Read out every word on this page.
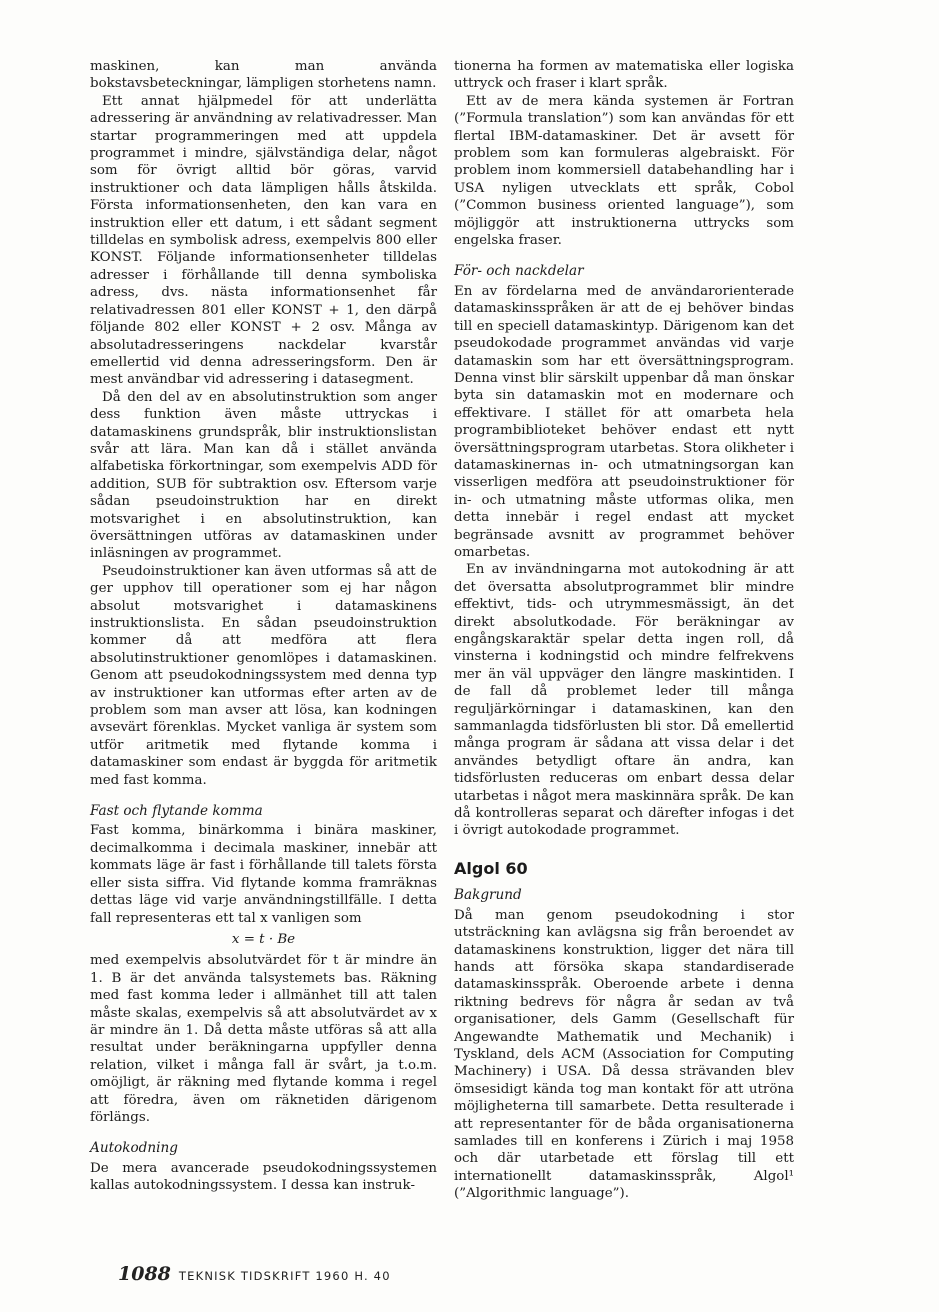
maskinen, kan man använda bokstavsbeteckningar, lämpligen storhetens namn.

Ett annat hjälpmedel för att underlätta adressering är användning av relativadresser. Man startar programmeringen med att uppdela programmet i mindre, självständiga delar, något som för övrigt alltid bör göras, varvid instruktioner och data lämpligen hålls åtskilda. Första informationsenheten, den kan vara en instruktion eller ett datum, i ett sådant segment tilldelas en symbolisk adress, exempelvis 800 eller KONST. Följande informationsenheter tilldelas adresser i förhållande till denna symboliska adress, dvs. nästa informationsenhet får relativadressen 801 eller KONST + 1, den därpå följande 802 eller KONST + 2 osv. Många av absolutadresseringens nackdelar kvarstår emellertid vid denna adresseringsform. Den är mest användbar vid adressering i datasegment.

Då den del av en absolutinstruktion som anger dess funktion även måste uttryckas i datamaskinens grundspråk, blir instruktionslistan svår att lära. Man kan då i stället använda alfabetiska förkortningar, som exempelvis ADD för addition, SUB för subtraktion osv. Eftersom varje sådan pseudoinstruktion har en direkt motsvarighet i en absolutinstruktion, kan översättningen utföras av datamaskinen under inläsningen av programmet.

Pseudoinstruktioner kan även utformas så att de ger upphov till operationer som ej har någon absolut motsvarighet i datamaskinens instruktionslista. En sådan pseudoinstruktion kommer då att medföra att flera absolutinstruktioner genomlöpes i datamaskinen. Genom att pseudokodningssystem med denna typ av instruktioner kan utformas efter arten av de problem som man avser att lösa, kan kodningen avsevärt förenklas. Mycket vanliga är system som utför aritmetik med flytande komma i datamaskiner som endast är byggda för aritmetik med fast komma.

Fast och flytande komma

Fast komma, binärkomma i binära maskiner, decimalkomma i decimala maskiner, innebär att kommats läge är fast i förhållande till talets första eller sista siffra. Vid flytande komma framräknas dettas läge vid varje användningstillfälle. I detta fall representeras ett tal x vanligen som

x = t · Be

med exempelvis absolutvärdet för t är mindre än 1. B är det använda talsystemets bas. Räkning med fast komma leder i allmänhet till att talen måste skalas, exempelvis så att absolutvärdet av x är mindre än 1. Då detta måste utföras så att alla resultat under beräkningarna uppfyller denna relation, vilket i många fall är svårt, ja t.o.m. omöjligt, är räkning med flytande komma i regel att föredra, även om räknetiden därigenom förlängs.

Autokodning

De mera avancerade pseudokodningssystemen kallas autokodningssystem. I dessa kan instruk-

tionerna ha formen av matematiska eller logiska uttryck och fraser i klart språk.

Ett av de mera kända systemen är Fortran (”Formula translation”) som kan användas för ett flertal IBM-datamaskiner. Det är avsett för problem som kan formuleras algebraiskt. För problem inom kommersiell databehandling har i USA nyligen utvecklats ett språk, Cobol (”Common business oriented language”), som möjliggör att instruktionerna uttrycks som engelska fraser.

För- och nackdelar

En av fördelarna med de användarorienterade datamaskinsspråken är att de ej behöver bindas till en speciell datamaskintyp. Därigenom kan det pseudokodade programmet användas vid varje datamaskin som har ett översättningsprogram. Denna vinst blir särskilt uppenbar då man önskar byta sin datamaskin mot en modernare och effektivare. I stället för att omarbeta hela programbiblioteket behöver endast ett nytt översättningsprogram utarbetas. Stora olikheter i datamaskinernas in- och utmatningsorgan kan visserligen medföra att pseudoinstruktioner för in- och utmatning måste utformas olika, men detta innebär i regel endast att mycket begränsade avsnitt av programmet behöver omarbetas.

En av invändningarna mot autokodning är att det översatta absolutprogrammet blir mindre effektivt, tids- och utrymmesmässigt, än det direkt absolutkodade. För beräkningar av engångskaraktär spelar detta ingen roll, då vinsterna i kodningstid och mindre felfrekvens mer än väl uppväger den längre maskintiden. I de fall då problemet leder till många reguljärkörningar i datamaskinen, kan den sammanlagda tidsförlusten bli stor. Då emellertid många program är sådana att vissa delar i det användes betydligt oftare än andra, kan tidsförlusten reduceras om enbart dessa delar utarbetas i något mera maskinnära språk. De kan då kontrolleras separat och därefter infogas i det i övrigt autokodade programmet.

Algol 60
Bakgrund

Då man genom pseudokodning i stor utsträckning kan avlägsna sig från beroendet av datamaskinens konstruktion, ligger det nära till hands att försöka skapa standardiserade datamaskinsspråk. Oberoende arbete i denna riktning bedrevs för några år sedan av två organisationer, dels Gamm (Gesellschaft für Angewandte Mathematik und Mechanik) i Tyskland, dels ACM (Association for Computing Machinery) i USA. Då dessa strävanden blev ömsesidigt kända tog man kontakt för att utröna möjligheterna till samarbete. Detta resulterade i att representanter för de båda organisationerna samlades till en konferens i Zürich i maj 1958 och där utarbetade ett förslag till ett internationellt datamaskinsspråk, Algol¹ (”Algorithmic language”).

1088 TEKNISK TIDSKRIFT 1960 H. 40
